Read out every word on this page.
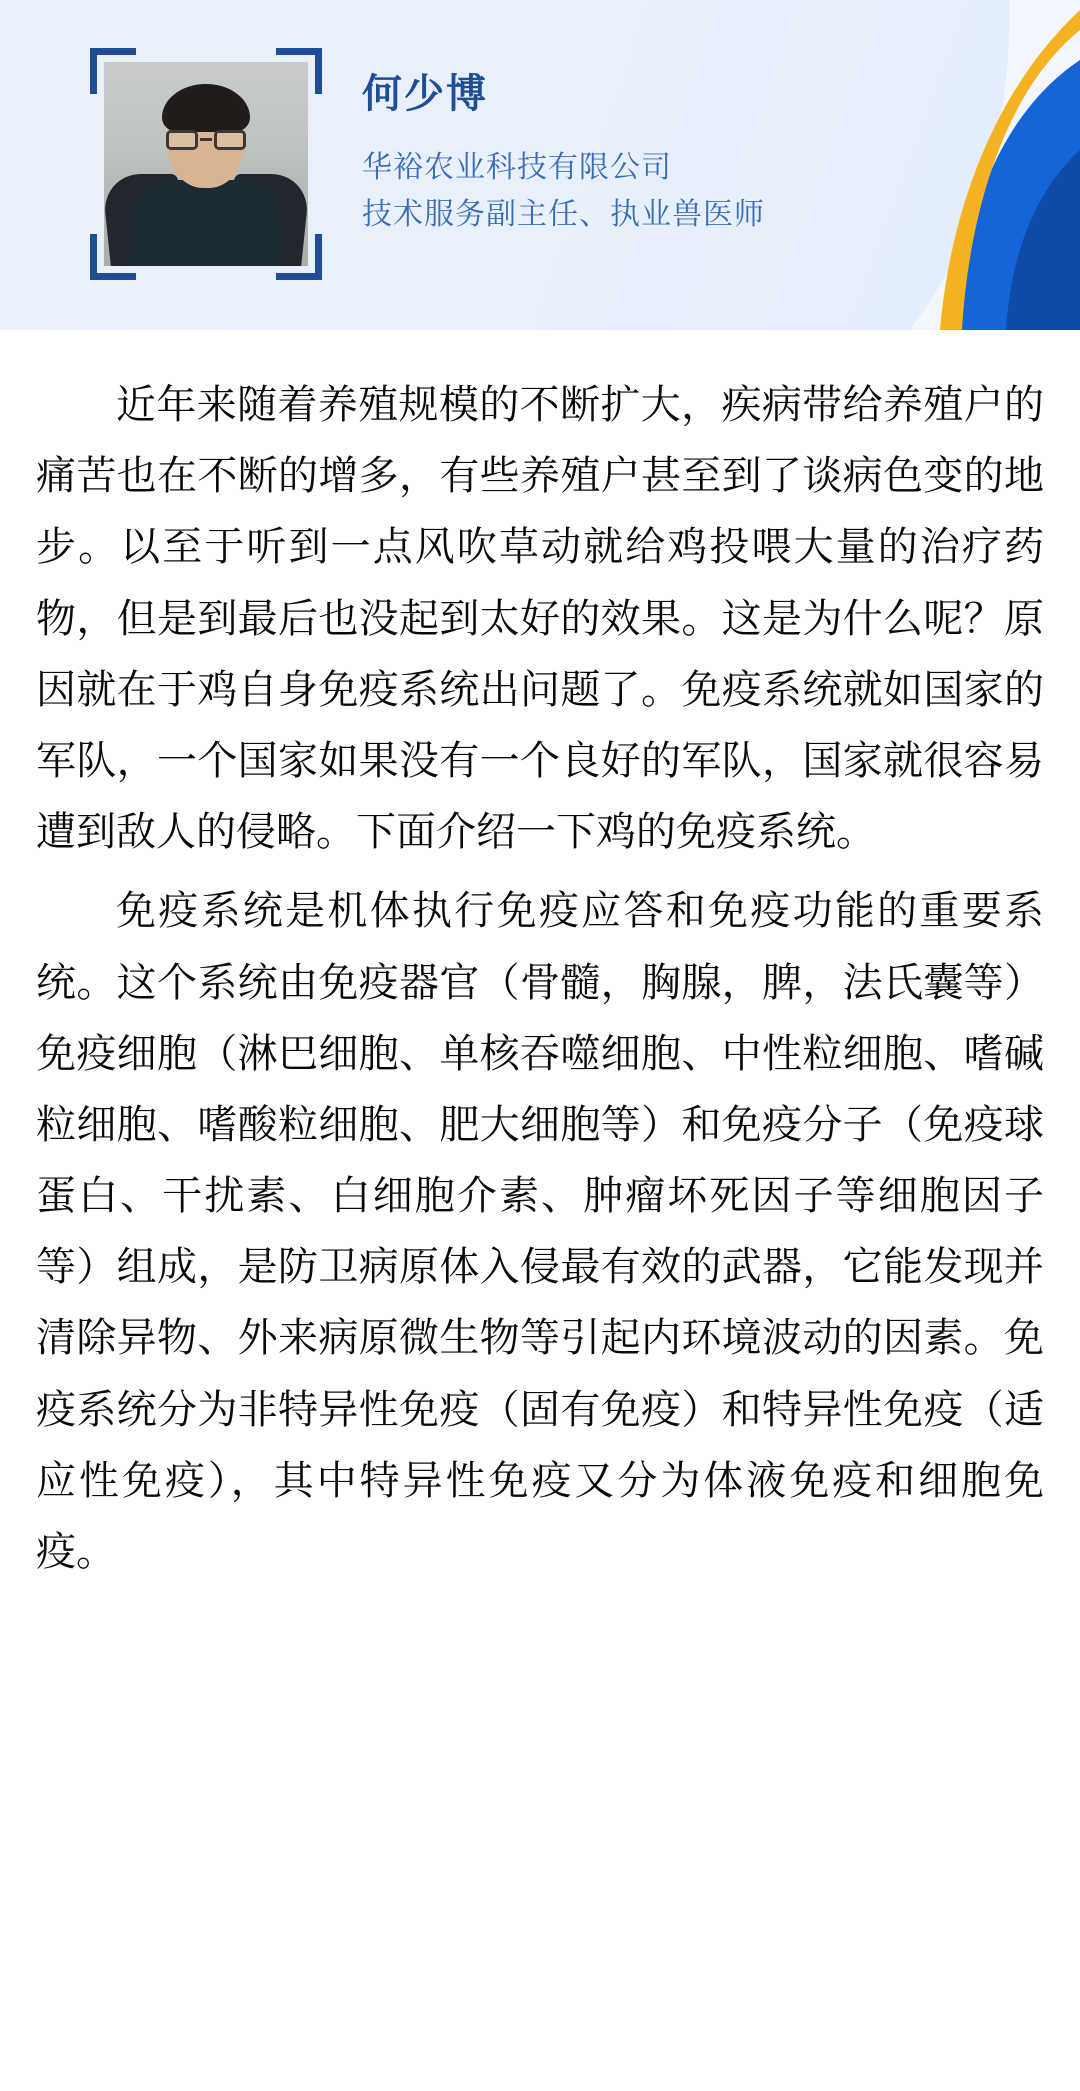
何少博
华裕农业科技有限公司
技术服务副主任、执业兽医师

近年来随着养殖规模的不断扩大，疾病带给养殖户的痛苦也在不断的增多，有些养殖户甚至到了谈病色变的地步。以至于听到一点风吹草动就给鸡投喂大量的治疗药物，但是到最后也没起到太好的效果。这是为什么呢？原因就在于鸡自身免疫系统出问题了。免疫系统就如国家的军队，一个国家如果没有一个良好的军队，国家就很容易遭到敌人的侵略。下面介绍一下鸡的免疫系统。

免疫系统是机体执行免疫应答和免疫功能的重要系统。这个系统由免疫器官（骨髓，胸腺，脾，法氏囊等）免疫细胞（淋巴细胞、单核吞噬细胞、中性粒细胞、嗜碱粒细胞、嗜酸粒细胞、肥大细胞等）和免疫分子（免疫球蛋白、干扰素、白细胞介素、肿瘤坏死因子等细胞因子等）组成，是防卫病原体入侵最有效的武器，它能发现并清除异物、外来病原微生物等引起内环境波动的因素。免疫系统分为非特异性免疫（固有免疫）和特异性免疫（适应性免疫），其中特异性免疫又分为体液免疫和细胞免疫。
